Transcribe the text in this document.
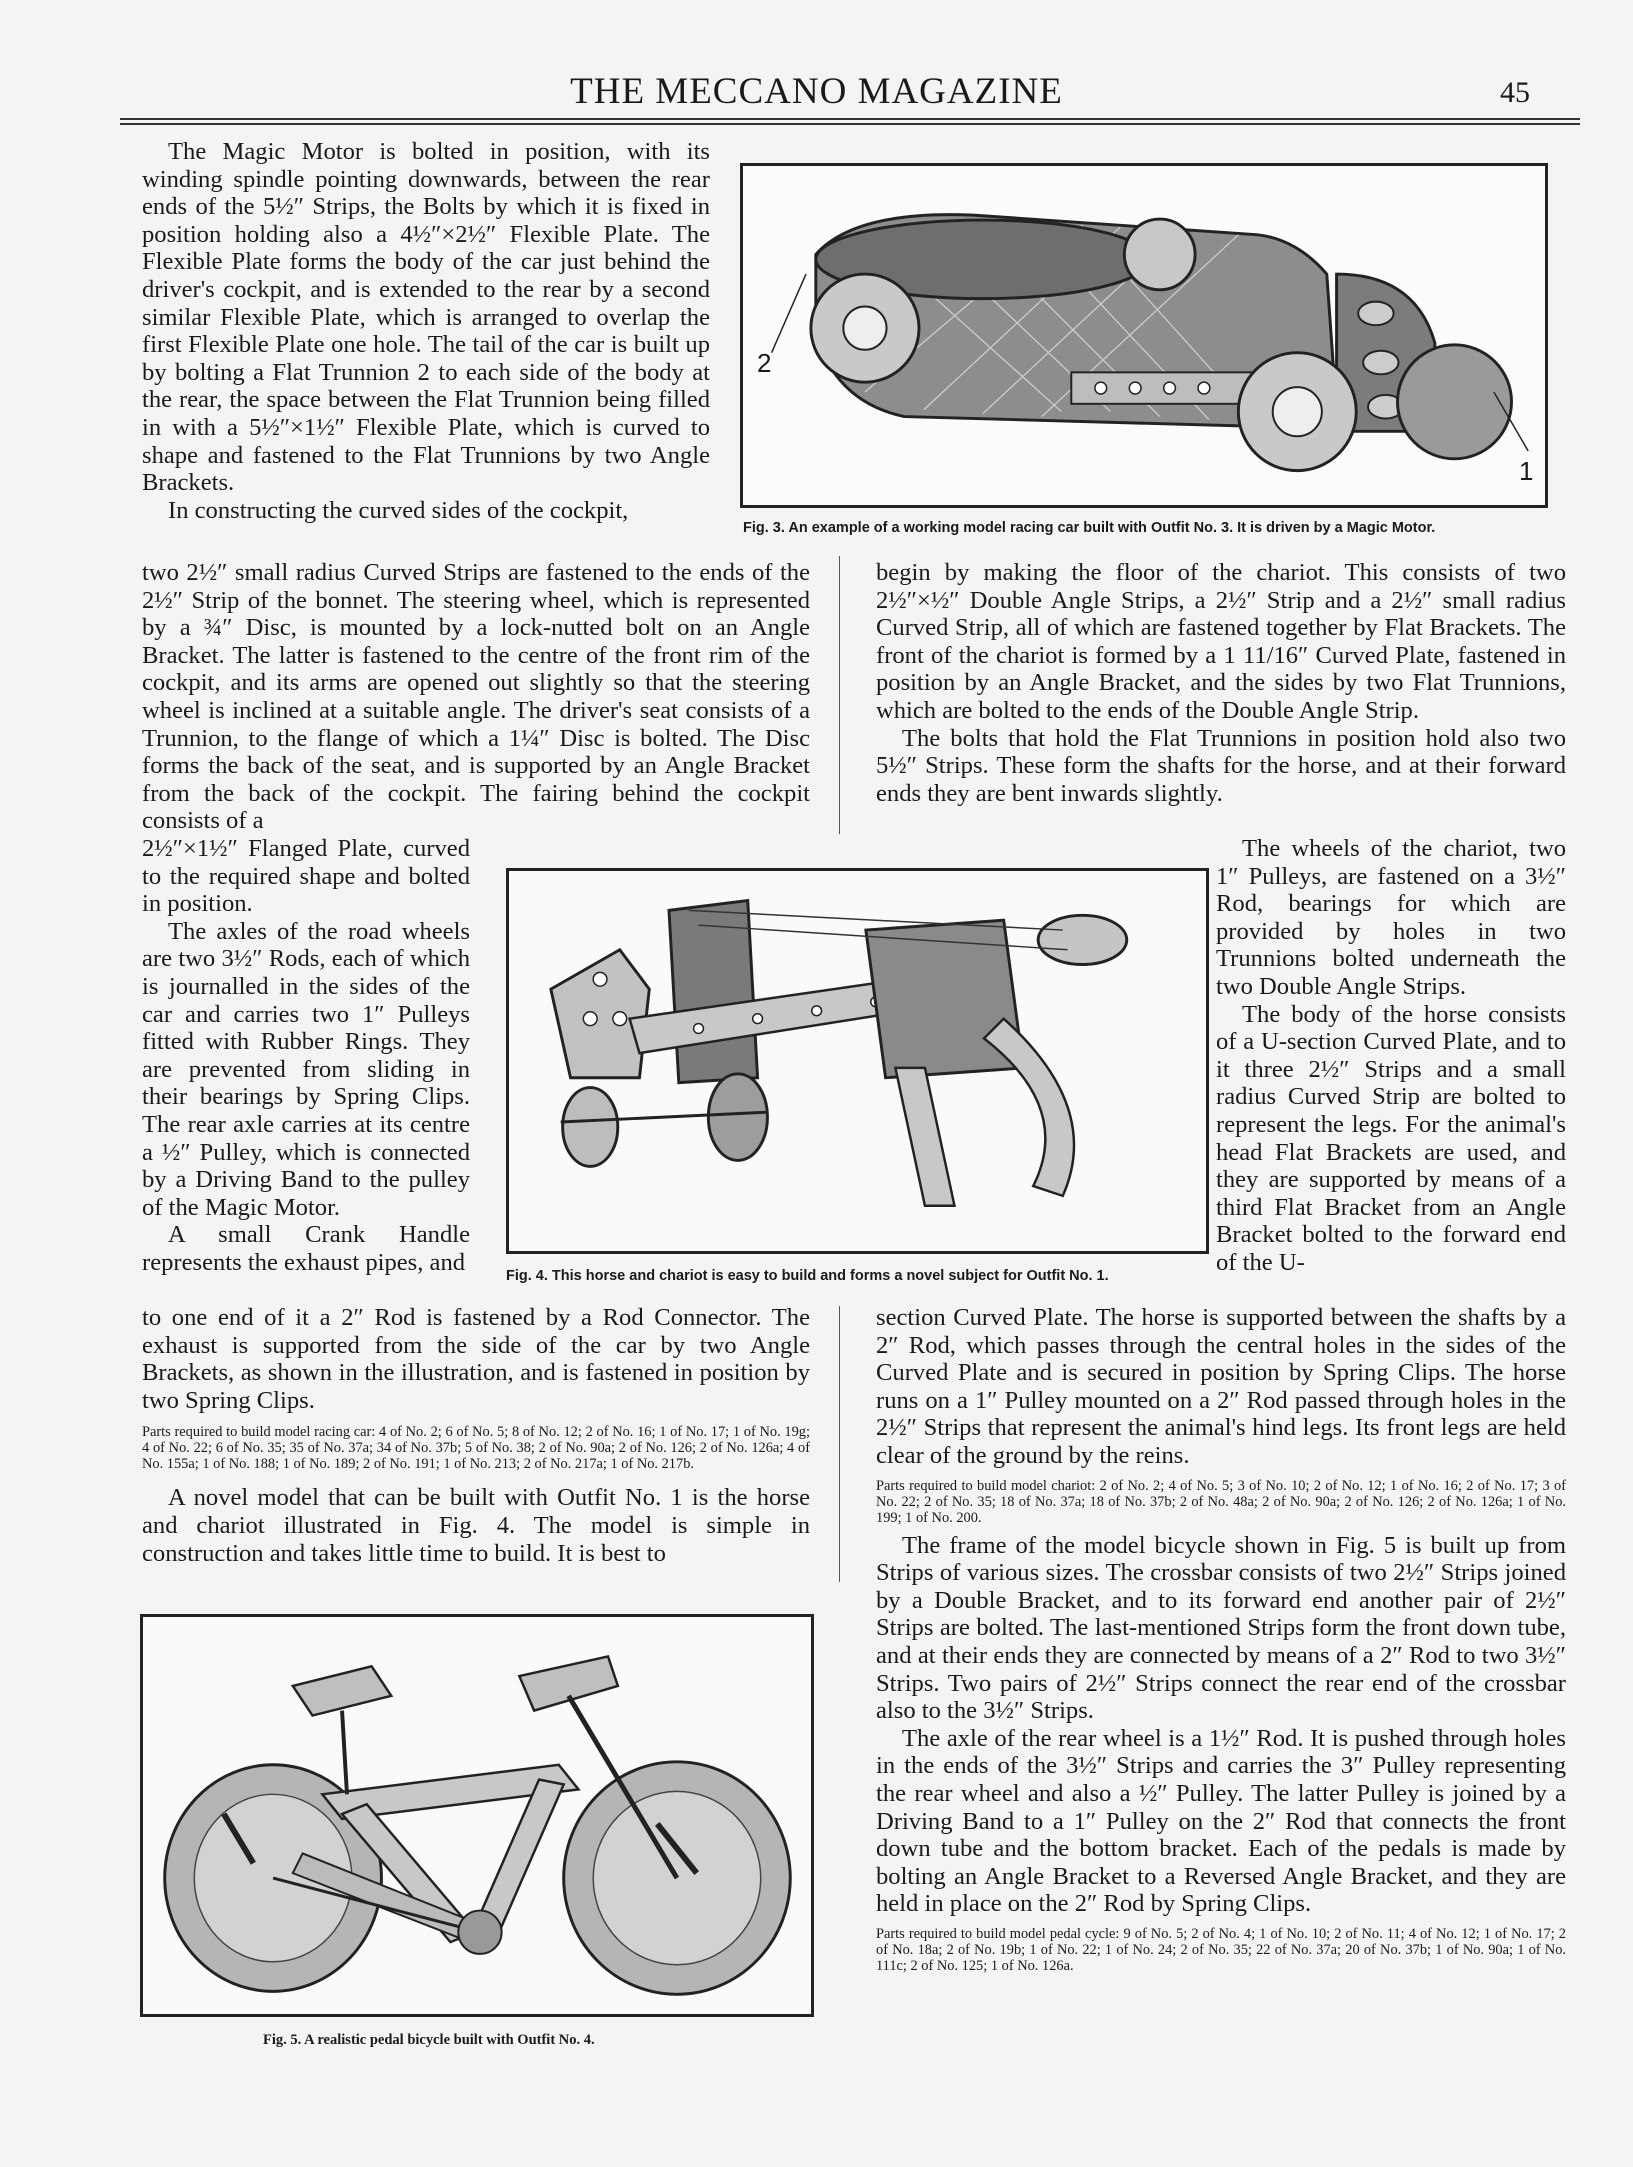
THE MECCANO MAGAZINE	45

The Magic Motor is bolted in position, with its winding spindle pointing downwards, between the rear ends of the 5½″ Strips, the Bolts by which it is fixed in position holding also a 4½″×2½″ Flexible Plate. The Flexible Plate forms the body of the car just behind the driver's cockpit, and is extended to the rear by a second similar Flexible Plate, which is arranged to overlap the first Flexible Plate one hole. The tail of the car is built up by bolting a Flat Trunnion 2 to each side of the body at the rear, the space between the Flat Trunnion being filled in with a 5½″×1½″ Flexible Plate, which is curved to shape and fastened to the Flat Trunnions by two Angle Brackets.

In constructing the curved sides of the cockpit,

2
1
Fig. 3. An example of a working model racing car built with Outfit No. 3. It is driven by a Magic Motor.

two 2½″ small radius Curved Strips are fastened to the ends of the 2½″ Strip of the bonnet. The steering wheel, which is represented by a ¾″ Disc, is mounted by a lock-nutted bolt on an Angle Bracket. The latter is fastened to the centre of the front rim of the cockpit, and its arms are opened out slightly so that the steering wheel is inclined at a suitable angle. The driver's seat consists of a Trunnion, to the flange of which a 1¼″ Disc is bolted. The Disc forms the back of the seat, and is supported by an Angle Bracket from the back of the cockpit. The fairing behind the cockpit consists of a

2½″×1½″ Flanged Plate, curved to the required shape and bolted in position.

The axles of the road wheels are two 3½″ Rods, each of which is journalled in the sides of the car and carries two 1″ Pulleys fitted with Rubber Rings. They are prevented from sliding in their bearings by Spring Clips. The rear axle carries at its centre a ½″ Pulley, which is connected by a Driving Band to the pulley of the Magic Motor.

A small Crank Handle represents the exhaust pipes, and

to one end of it a 2″ Rod is fastened by a Rod Connector. The exhaust is supported from the side of the car by two Angle Brackets, as shown in the illustration, and is fastened in position by two Spring Clips.

Parts required to build model racing car: 4 of No. 2; 6 of No. 5; 8 of No. 12; 2 of No. 16; 1 of No. 17; 1 of No. 19g; 4 of No. 22; 6 of No. 35; 35 of No. 37a; 34 of No. 37b; 5 of No. 38; 2 of No. 90a; 2 of No. 126; 2 of No. 126a; 4 of No. 155a; 1 of No. 188; 1 of No. 189; 2 of No. 191; 1 of No. 213; 2 of No. 217a; 1 of No. 217b.

A novel model that can be built with Outfit No. 1 is the horse and chariot illustrated in Fig. 4. The model is simple in construction and takes little time to build. It is best to

Fig. 4. This horse and chariot is easy to build and forms a novel subject for Outfit No. 1.

begin by making the floor of the chariot. This consists of two 2½″×½″ Double Angle Strips, a 2½″ Strip and a 2½″ small radius Curved Strip, all of which are fastened together by Flat Brackets. The front of the chariot is formed by a 1 11/16″ Curved Plate, fastened in position by an Angle Bracket, and the sides by two Flat Trunnions, which are bolted to the ends of the Double Angle Strip.

The bolts that hold the Flat Trunnions in position hold also two 5½″ Strips. These form the shafts for the horse, and at their forward ends they are bent inwards slightly.

The wheels of the chariot, two 1″ Pulleys, are fastened on a 3½″ Rod, bearings for which are provided by holes in two Trunnions bolted underneath the two Double Angle Strips.

The body of the horse consists of a U-section Curved Plate, and to it three 2½″ Strips and a small radius Curved Strip are bolted to represent the legs. For the animal's head Flat Brackets are used, and they are supported by means of a third Flat Bracket from an Angle Bracket bolted to the forward end of the U-

section Curved Plate. The horse is supported between the shafts by a 2″ Rod, which passes through the central holes in the sides of the Curved Plate and is secured in position by Spring Clips. The horse runs on a 1″ Pulley mounted on a 2″ Rod passed through holes in the 2½″ Strips that represent the animal's hind legs. Its front legs are held clear of the ground by the reins.

Parts required to build model chariot: 2 of No. 2; 4 of No. 5; 3 of No. 10; 2 of No. 12; 1 of No. 16; 2 of No. 17; 3 of No. 22; 2 of No. 35; 18 of No. 37a; 18 of No. 37b; 2 of No. 48a; 2 of No. 90a; 2 of No. 126; 2 of No. 126a; 1 of No. 199; 1 of No. 200.

The frame of the model bicycle shown in Fig. 5 is built up from Strips of various sizes. The crossbar consists of two 2½″ Strips joined by a Double Bracket, and to its forward end another pair of 2½″ Strips are bolted. The last-mentioned Strips form the front down tube, and at their ends they are connected by means of a 2″ Rod to two 3½″ Strips. Two pairs of 2½″ Strips connect the rear end of the crossbar also to the 3½″ Strips.

The axle of the rear wheel is a 1½″ Rod. It is pushed through holes in the ends of the 3½″ Strips and carries the 3″ Pulley representing the rear wheel and also a ½″ Pulley. The latter Pulley is joined by a Driving Band to a 1″ Pulley on the 2″ Rod that connects the front down tube and the bottom bracket. Each of the pedals is made by bolting an Angle Bracket to a Reversed Angle Bracket, and they are held in place on the 2″ Rod by Spring Clips.

Parts required to build model pedal cycle: 9 of No. 5; 2 of No. 4; 1 of No. 10; 2 of No. 11; 4 of No. 12; 1 of No. 17; 2 of No. 18a; 2 of No. 19b; 1 of No. 22; 1 of No. 24; 2 of No. 35; 22 of No. 37a; 20 of No. 37b; 1 of No. 90a; 1 of No. 111c; 2 of No. 125; 1 of No. 126a.

Fig. 5. A realistic pedal bicycle built with Outfit No. 4.
